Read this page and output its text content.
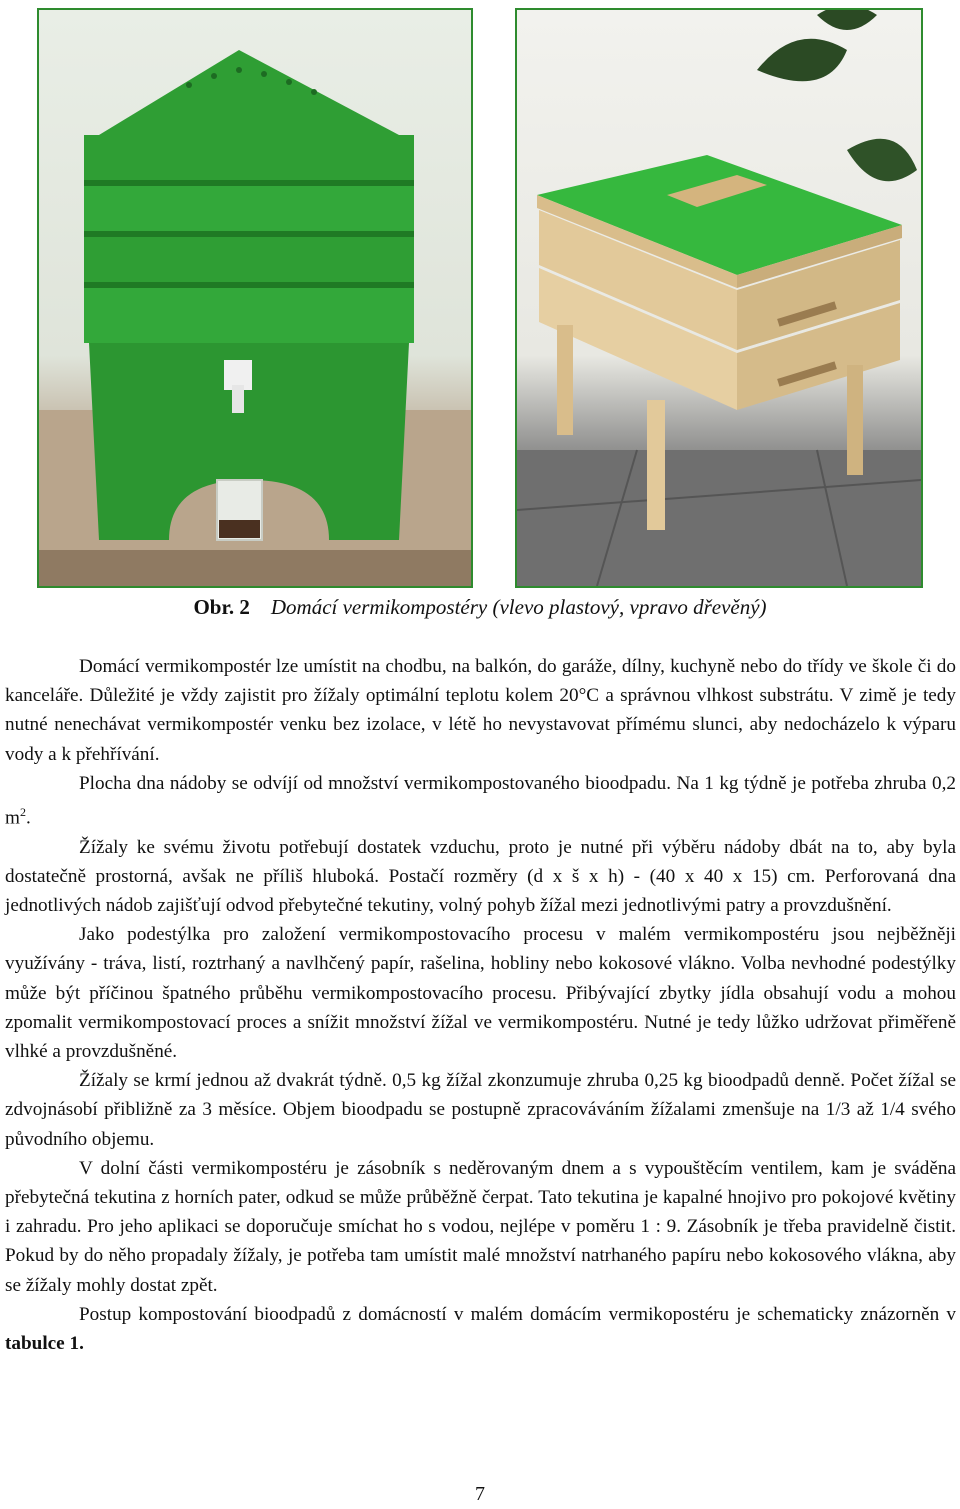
Obr. 2 Domácí vermikompostéry (vlevo plastový, vpravo dřevěný)

Domácí vermikompostér lze umístit na chodbu, na balkón, do garáže, dílny, kuchyně nebo do třídy ve škole či do kanceláře. Důležité je vždy zajistit pro žížaly optimální teplotu kolem 20°C a správnou vlhkost substrátu. V zimě je tedy nutné nenechávat vermikompostér venku bez izolace, v létě ho nevystavovat přímému slunci, aby nedocházelo k výparu vody a k přehřívání.

Plocha dna nádoby se odvíjí od množství vermikompostovaného bioodpadu. Na 1 kg týdně je potřeba zhruba 0,2 $m^2$.

Žížaly ke svému životu potřebují dostatek vzduchu, proto je nutné při výběru nádoby dbát na to, aby byla dostatečně prostorná, avšak ne příliš hluboká. Postačí rozměry (d x š x h) - (40 x 40 x 15) cm. Perforovaná dna jednotlivých nádob zajišťují odvod přebytečné tekutiny, volný pohyb žížal mezi jednotlivými patry a provzdušnění.

Jako podestýlka pro založení vermikompostovacího procesu v malém vermikompostéru jsou nejběžněji využívány - tráva, listí, roztrhaný a navlhčený papír, rašelina, hobliny nebo kokosové vlákno. Volba nevhodné podestýlky může být příčinou špatného průběhu vermikompostovacího procesu. Přibývající zbytky jídla obsahují vodu a mohou zpomalit vermikompostovací proces a snížit množství žížal ve vermikompostéru. Nutné je tedy lůžko udržovat přiměřeně vlhké a provzdušněné.

Žížaly se krmí jednou až dvakrát týdně. 0,5 kg žížal zkonzumuje zhruba 0,25 kg bioodpadů denně. Počet žížal se zdvojnásobí přibližně za 3 měsíce. Objem bioodpadu se postupně zpracováváním žížalami zmenšuje na 1/3 až 1/4 svého původního objemu.

V dolní části vermikompostéru je zásobník s neděrovaným dnem a s vypouštěcím ventilem, kam je sváděna přebytečná tekutina z horních pater, odkud se může průběžně čerpat. Tato tekutina je kapalné hnojivo pro pokojové květiny i zahradu. Pro jeho aplikaci se doporučuje smíchat ho s vodou, nejlépe v poměru 1 : 9. Zásobník je třeba pravidelně čistit. Pokud by do něho propadaly žížaly, je potřeba tam umístit malé množství natrhaného papíru nebo kokosového vlákna, aby se žížaly mohly dostat zpět.

Postup kompostování bioodpadů z domácností v malém domácím vermikopostéru je schematicky znázorněn v tabulce 1.

7
